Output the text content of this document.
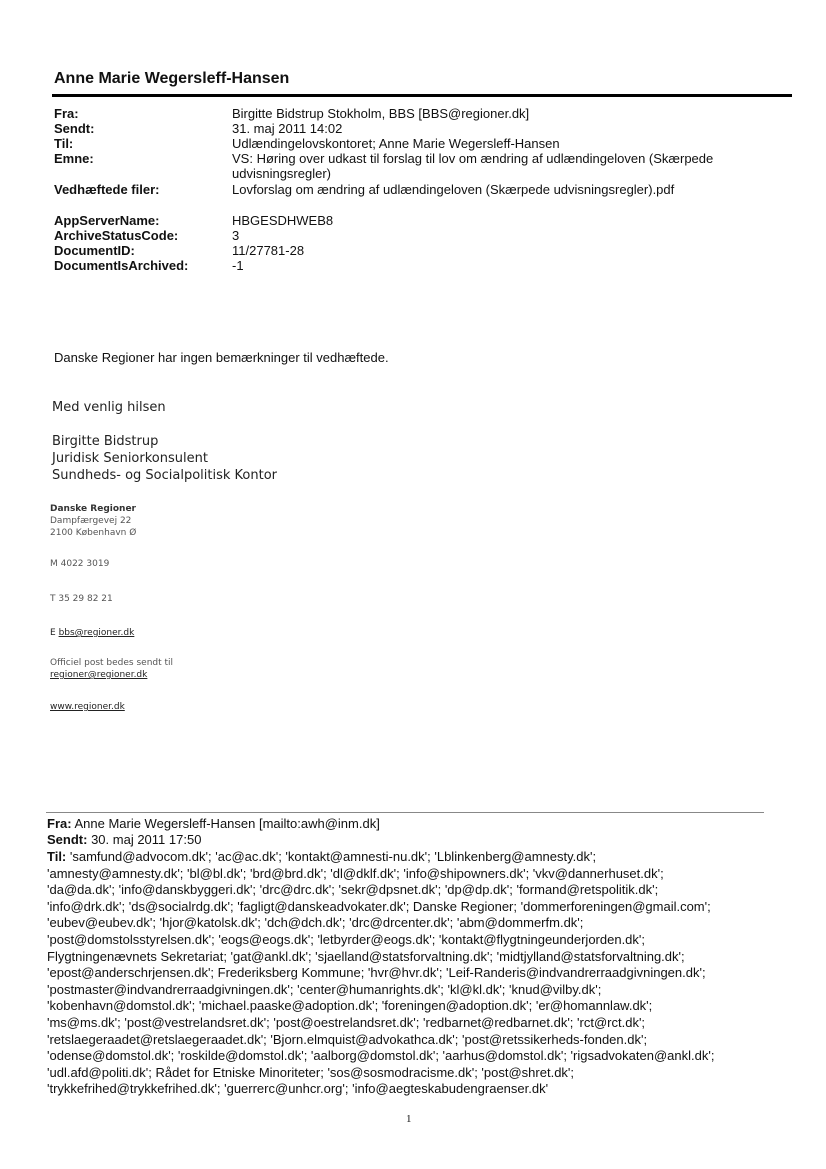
Anne Marie Wegersleff-Hansen
Fra:	Birgitte Bidstrup Stokholm, BBS [BBS@regioner.dk]
Sendt:	31. maj 2011 14:02
Til:	Udlændingelovskontoret; Anne Marie Wegersleff-Hansen
Emne:	VS: Høring over udkast til forslag til lov om ændring af udlændingeloven (Skærpede udvisningsregler)
Vedhæftede filer:	Lovforslag om ændring af udlændingeloven (Skærpede udvisningsregler).pdf
AppServerName:	HBGESDHWEB8
ArchiveStatusCode:	3
DocumentID:	11/27781-28
DocumentIsArchived:	-1
Danske Regioner har ingen bemærkninger til vedhæftede.
Med venlig hilsen
Birgitte Bidstrup
Juridisk Seniorkonsulent
Sundheds- og Socialpolitisk Kontor
Danske Regioner
Dampfærgevej 22
2100 København Ø
M 4022 3019
T 35 29 82 21
E bbs@regioner.dk
Officiel post bedes sendt til
regioner@regioner.dk
www.regioner.dk
Fra: Anne Marie Wegersleff-Hansen [mailto:awh@inm.dk]
Sendt: 30. maj 2011 17:50
Til: 'samfund@advocom.dk'; 'ac@ac.dk'; 'kontakt@amnesti-nu.dk'; 'Lblinkenberg@amnesty.dk';
'amnesty@amnesty.dk'; 'bl@bl.dk'; 'brd@brd.dk'; 'dl@dklf.dk'; 'info@shipowners.dk'; 'vkv@dannerhuset.dk';
'da@da.dk'; 'info@danskbyggeri.dk'; 'drc@drc.dk'; 'sekr@dpsnet.dk'; 'dp@dp.dk'; 'formand@retspolitik.dk';
'info@drk.dk'; 'ds@socialrdg.dk'; 'fagligt@danskeadvokater.dk'; Danske Regioner; 'dommerforeningen@gmail.com';
'eubev@eubev.dk'; 'hjor@katolsk.dk'; 'dch@dch.dk'; 'drc@drcenter.dk'; 'abm@dommerfm.dk';
'post@domstolsstyrelsen.dk'; 'eogs@eogs.dk'; 'letbyrder@eogs.dk'; 'kontakt@flygtningeunderjorden.dk';
Flygtningenævnets Sekretariat; 'gat@ankl.dk'; 'sjaelland@statsforvaltning.dk'; 'midtjylland@statsforvaltning.dk';
'epost@anderschrjensen.dk'; Frederiksberg Kommune; 'hvr@hvr.dk'; 'Leif-Randeris@indvandrerraadgivningen.dk';
'postmaster@indvandrerraadgivningen.dk'; 'center@humanrights.dk'; 'kl@kl.dk'; 'knud@vilby.dk';
'kobenhavn@domstol.dk'; 'michael.paaske@adoption.dk'; 'foreningen@adoption.dk'; 'er@homannlaw.dk';
'ms@ms.dk'; 'post@vestrelandsret.dk'; 'post@oestrelandsret.dk'; 'redbarnet@redbarnet.dk'; 'rct@rct.dk';
'retslaegeraadet@retslaegeraadet.dk'; 'Bjorn.elmquist@advokathca.dk'; 'post@retssikerheds-fonden.dk';
'odense@domstol.dk'; 'roskilde@domstol.dk'; 'aalborg@domstol.dk'; 'aarhus@domstol.dk'; 'rigsadvokaten@ankl.dk';
'udl.afd@politi.dk'; Rådet for Etniske Minoriteter; 'sos@sosmodracisme.dk'; 'post@shret.dk';
'trykkefrihed@trykkefrihed.dk'; 'guerrerc@unhcr.org'; 'info@aegteskabudengraenser.dk'
1
